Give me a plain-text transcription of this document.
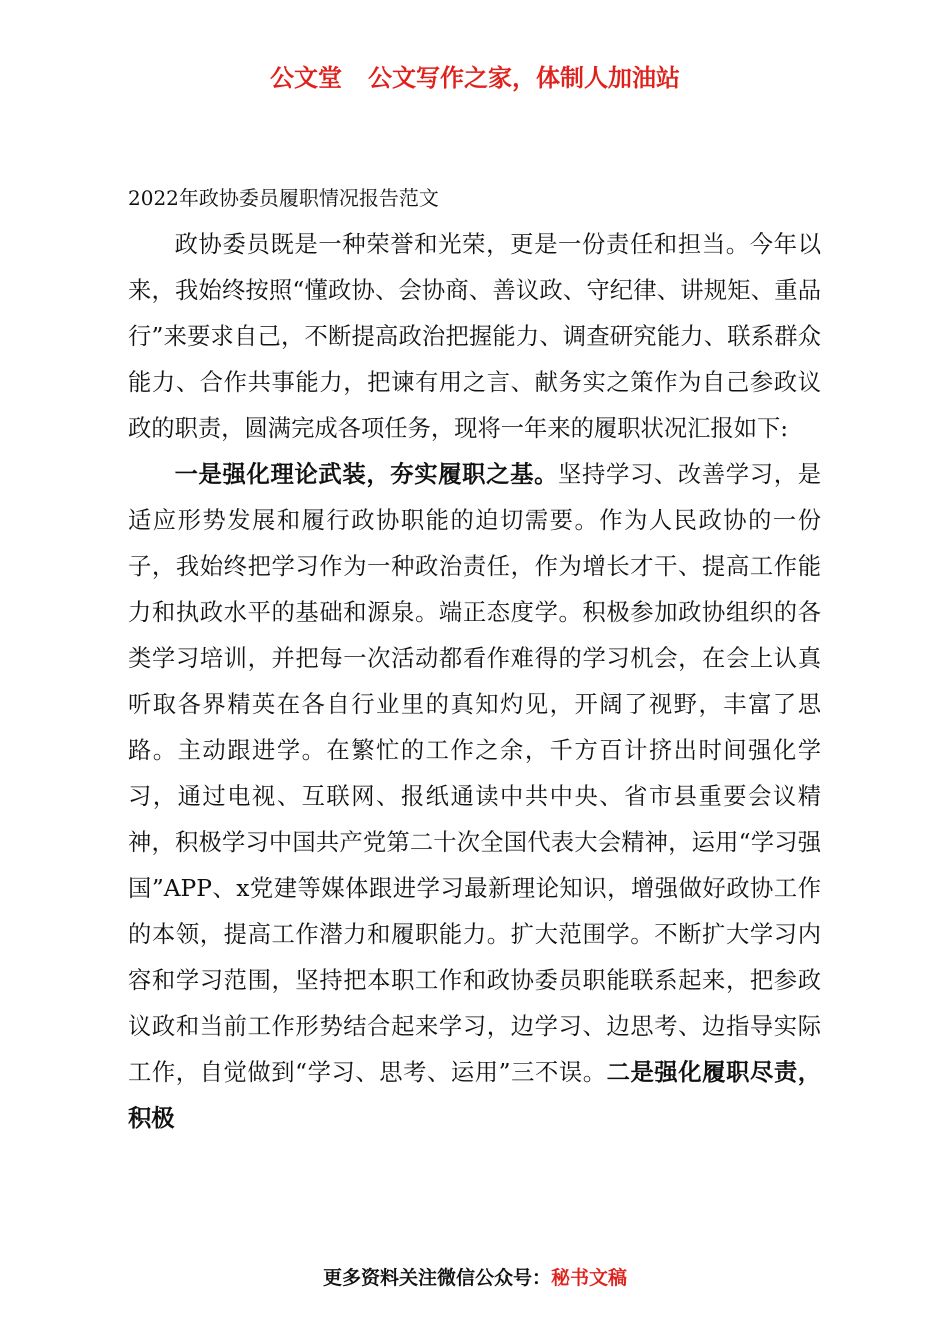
公文堂 公文写作之家，体制人加油站
2022年政协委员履职情况报告范文

政协委员既是一种荣誉和光荣，更是一份责任和担当。今年以来，我始终按照“懂政协、会协商、善议政、守纪律、讲规矩、重品行”来要求自己，不断提高政治把握能力、调查研究能力、联系群众能力、合作共事能力，把谏有用之言、献务实之策作为自己参政议政的职责，圆满完成各项任务，现将一年来的履职状况汇报如下:

一是强化理论武装，夯实履职之基。坚持学习、改善学习，是适应形势发展和履行政协职能的迫切需要。作为人民政协的一份子，我始终把学习作为一种政治责任，作为增长才干、提高工作能力和执政水平的基础和源泉。端正态度学。积极参加政协组织的各类学习培训，并把每一次活动都看作难得的学习机会，在会上认真听取各界精英在各自行业里的真知灼见，开阔了视野，丰富了思路。主动跟进学。在繁忙的工作之余，千方百计挤出时间强化学习，通过电视、互联网、报纸通读中共中央、省市县重要会议精神，积极学习中国共产党第二十次全国代表大会精神，运用“学习强国”APP、x党建等媒体跟进学习最新理论知识，增强做好政协工作的本领，提高工作潜力和履职能力。扩大范围学。不断扩大学习内容和学习范围，坚持把本职工作和政协委员职能联系起来，把参政议政和当前工作形势结合起来学习，边学习、边思考、边指导实际工作，自觉做到“学习、思考、运用”三不误。二是强化履职尽责，积极

更多资料关注微信公众号：秘书文稿
